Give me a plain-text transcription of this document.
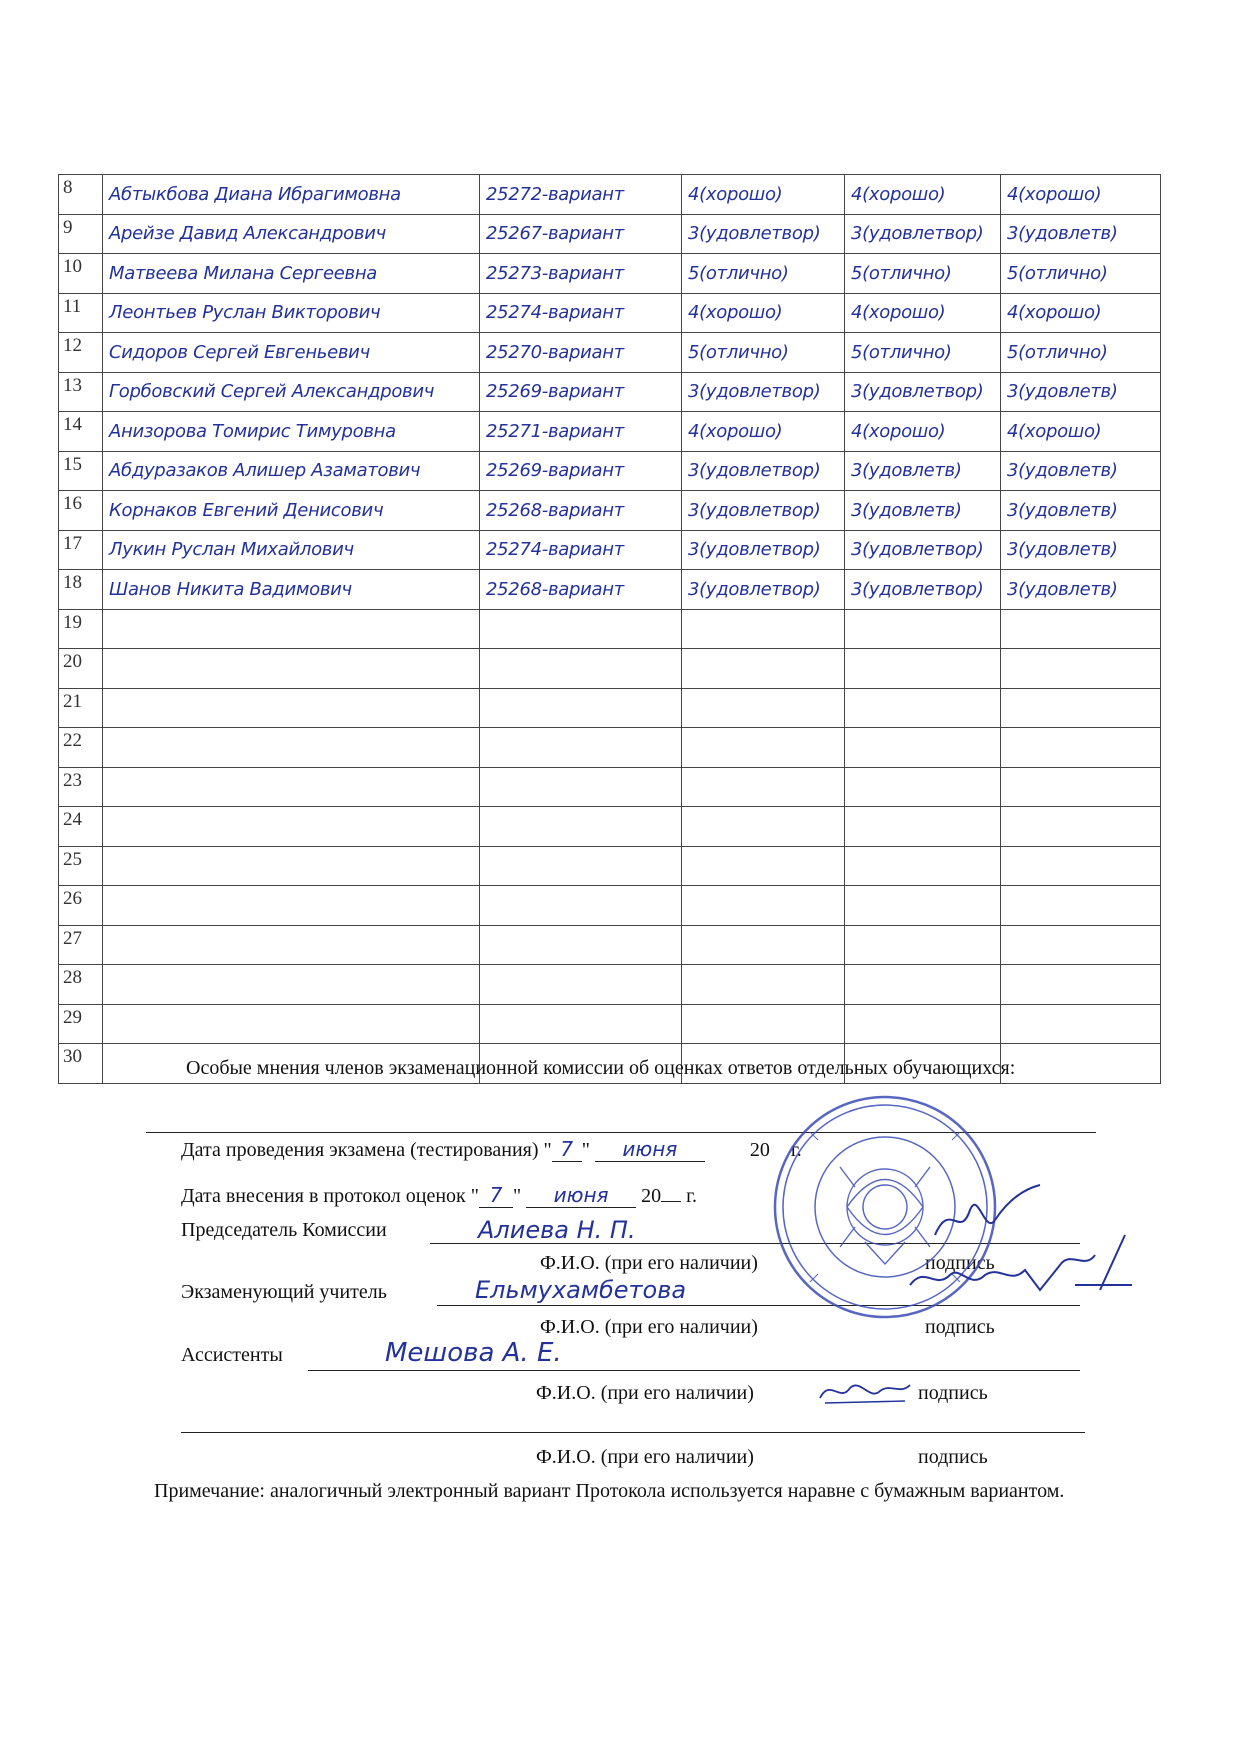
8	Абтыкбова Диана Ибрагимовна	25272-вариант	4(хорошо)	4(хорошо)	4(хорошо)
9	Арейзе Давид Александрович	25267-вариант	3(удовлетвор)	3(удовлетвор)	3(удовлетв)
10	Матвеева Милана Сергеевна	25273-вариант	5(отлично)	5(отлично)	5(отлично)
11	Леонтьев Руслан Викторович	25274-вариант	4(хорошо)	4(хорошо)	4(хорошо)
12	Сидоров Сергей Евгеньевич	25270-вариант	5(отлично)	5(отлично)	5(отлично)
13	Горбовский Сергей Александрович	25269-вариант	3(удовлетвор)	3(удовлетвор)	3(удовлетв)
14	Анизорова Томирис Тимуровна	25271-вариант	4(хорошо)	4(хорошо)	4(хорошо)
15	Абдуразаков Алишер Азаматович	25269-вариант	3(удовлетвор)	3(удовлетв)	3(удовлетв)
16	Корнаков Евгений Денисович	25268-вариант	3(удовлетвор)	3(удовлетв)	3(удовлетв)
17	Лукин Руслан Михайлович	25274-вариант	3(удовлетвор)	3(удовлетвор)	3(удовлетв)
18	Шанов Никита Вадимович	25268-вариант	3(удовлетвор)	3(удовлетвор)	3(удовлетв)
19					
20					
21					
22					
23					
24					
25					
26					
27					
28					
29					
30					
Особые мнения членов экзаменационной комиссии об оценках ответов отдельных обучающихся:
Дата проведения экзамена (тестирования) " 7 " июня	20 г.
Дата внесения в протокол оценок " 7 " июня 20 г.
Председатель Комиссии	Алиева Н. П.
Ф.И.О. (при его наличии)	подпись
Экзаменующий учитель	Ельмухамбетова
Ф.И.О. (при его наличии)	подпись
Ассистенты	Мешова А. Е.
Ф.И.О. (при его наличии)	подпись
Ф.И.О. (при его наличии)	подпись
Примечание: аналогичный электронный вариант Протокола используется наравне с бумажным вариантом.
